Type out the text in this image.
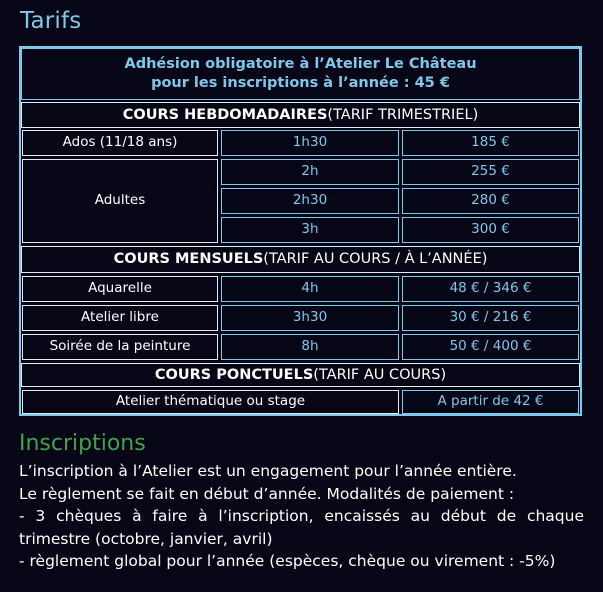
Tarifs
Adhésion obligatoire à l’Atelier Le Château
pour les inscriptions à l’année : 45 €
COURS HEBDOMADAIRES (TARIF TRIMESTRIEL)
Ados (11/18 ans)	1h30	185 €
Adultes
2h	255 €
2h30	280 €
3h	300 €
COURS MENSUELS (TARIF AU COURS / À L’ANNÉE)
Aquarelle	4h	48 € / 346 €
Atelier libre	3h30	30 € / 216 €
Soirée de la peinture	8h	50 € / 400 €
COURS PONCTUELS (TARIF AU COURS)
Atelier thématique ou stage	A partir de 42 €
Inscriptions

L’inscription à l’Atelier est un engagement pour l’année entière.

Le règlement se fait en début d’année. Modalités de paiement :

- 3 chèques à faire à l’inscription, encaissés au début de chaque

trimestre (octobre, janvier, avril)

- règlement global pour l’année (espèces, chèque ou virement : -5%)
